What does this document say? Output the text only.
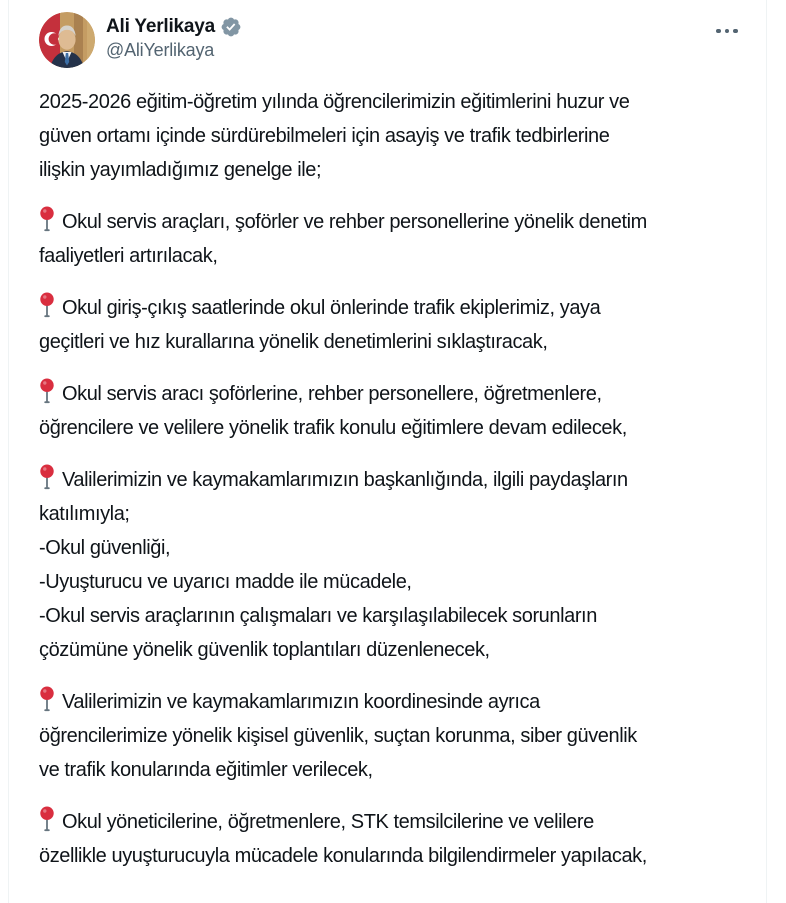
Ali Yerlikaya
@AliYerlikaya

2025-2026 eğitim-öğretim yılında öğrencilerimizin eğitimlerini huzur ve
güven ortamı içinde sürdürebilmeleri için asayiş ve trafik tedbirlerine
ilişkin yayımladığımız genelge ile;

Okul servis araçları, şoförler ve rehber personellerine yönelik denetim
faaliyetleri artırılacak,

Okul giriş-çıkış saatlerinde okul önlerinde trafik ekiplerimiz, yaya
geçitleri ve hız kurallarına yönelik denetimlerini sıklaştıracak,

Okul servis aracı şoförlerine, rehber personellere, öğretmenlere,
öğrencilere ve velilere yönelik trafik konulu eğitimlere devam edilecek,

Valilerimizin ve kaymakamlarımızın başkanlığında, ilgili paydaşların
katılımıyla;
-Okul güvenliği,
-Uyuşturucu ve uyarıcı madde ile mücadele,
-Okul servis araçlarının çalışmaları ve karşılaşılabilecek sorunların
çözümüne yönelik güvenlik toplantıları düzenlenecek,

Valilerimizin ve kaymakamlarımızın koordinesinde ayrıca
öğrencilerimize yönelik kişisel güvenlik, suçtan korunma, siber güvenlik
ve trafik konularında eğitimler verilecek,

Okul yöneticilerine, öğretmenlere, STK temsilcilerine ve velilere
özellikle uyuşturucuyla mücadele konularında bilgilendirmeler yapılacak,
